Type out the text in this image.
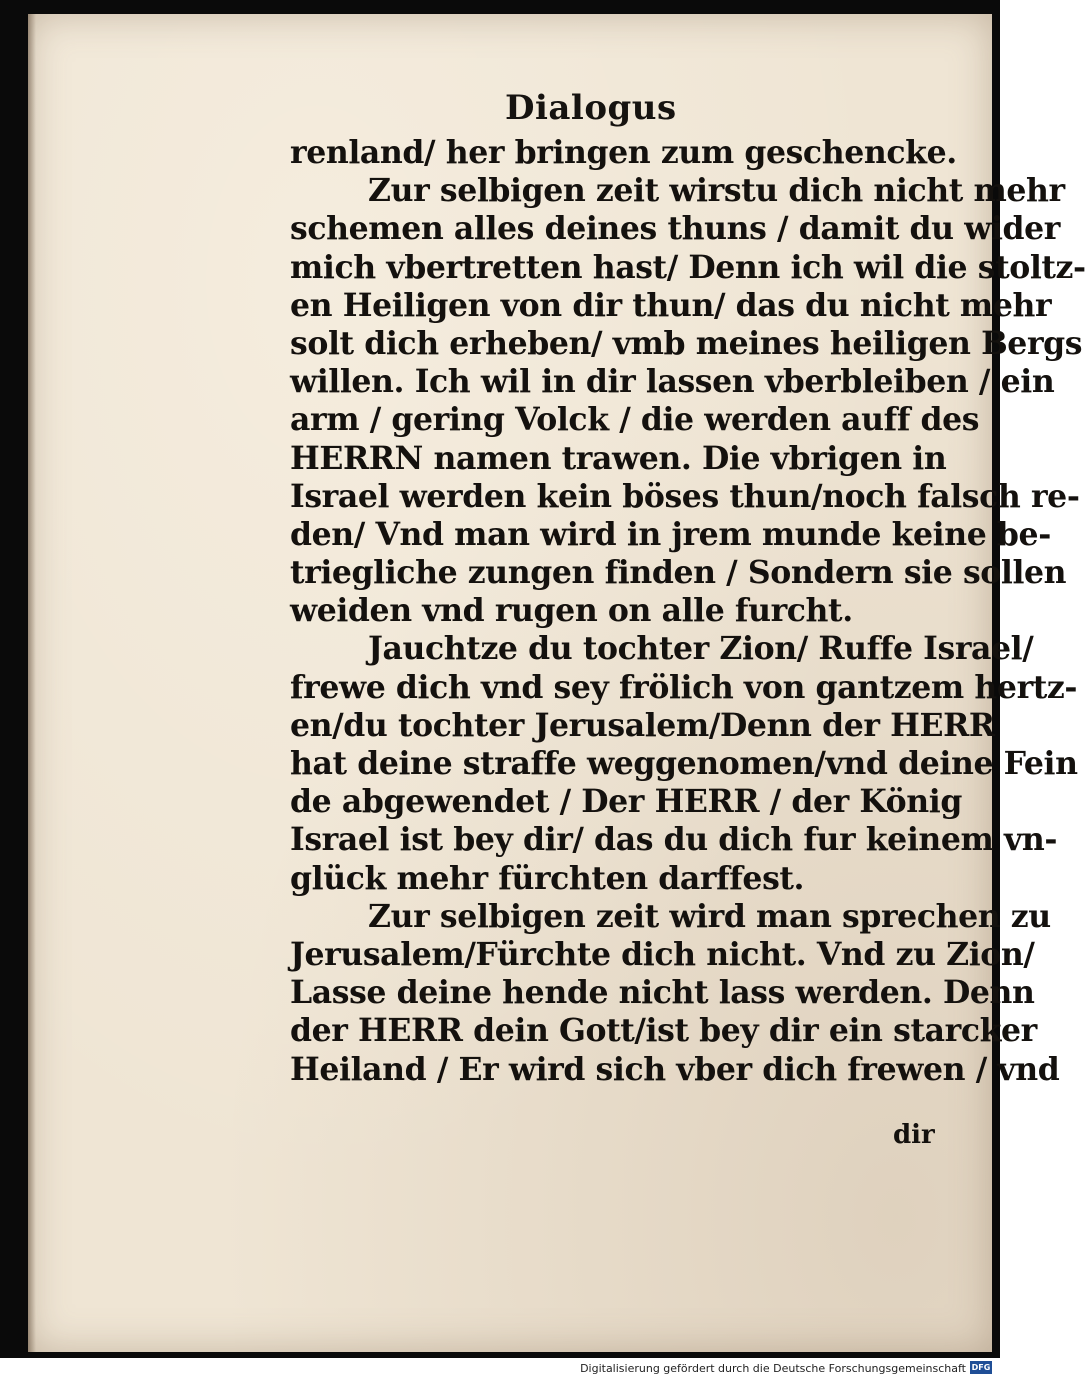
Dialogus
renland/ her bringen zum geschencke.
Zur selbigen zeit wirstu dich nicht mehr
schemen alles deines thuns / damit du wider
mich vbertretten hast/ Denn ich wil die stoltz-
en Heiligen von dir thun/ das du nicht mehr
solt dich erheben/ vmb meines heiligen Bergs
willen. Ich wil in dir lassen vberbleiben / ein
arm / gering Volck / die werden auff des
HERRN namen trawen. Die vbrigen in
Israel werden kein böses thun/noch falsch re-
den/ Vnd man wird in jrem munde keine be-
triegliche zungen finden / Sondern sie sollen
weiden vnd rugen on alle furcht.
Jauchtze du tochter Zion/ Ruffe Israel/
frewe dich vnd sey frölich von gantzem hertz-
en/du tochter Jerusalem/Denn der HERR
hat deine straffe weggenomen/vnd deine Fein
de abgewendet / Der HERR / der König
Israel ist bey dir/ das du dich fur keinem vn-
glück mehr fürchten darffest.
Zur selbigen zeit wird man sprechen zu
Jerusalem/Fürchte dich nicht. Vnd zu Zion/
Lasse deine hende nicht lass werden. Denn
der HERR dein Gott/ist bey dir ein starcker
Heiland / Er wird sich vber dich frewen / vnd
dir
Digitalisierung gefördert durch die Deutsche Forschungsgemeinschaft DFG
